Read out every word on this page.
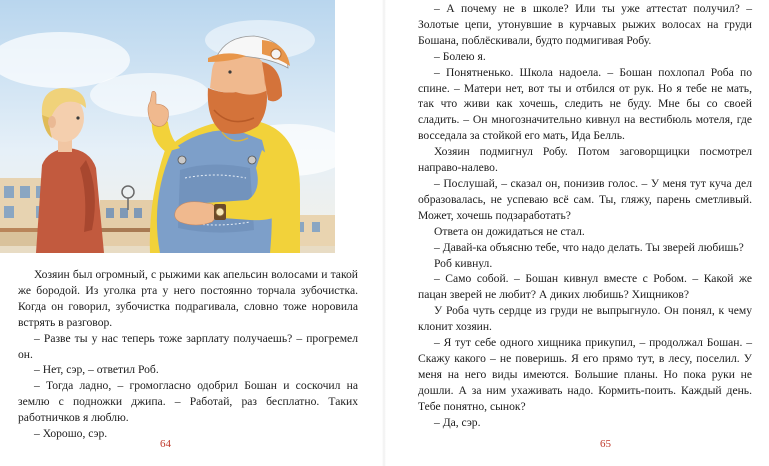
Хозяин был огромный, с рыжими как апельсин волосами и такой же бородой. Из уголка рта у него постоянно торчала зубочистка. Когда он говорил, зубочистка подрагивала, словно тоже норовила встрять в разговор.

– Разве ты у нас теперь тоже зарплату получаешь? – прогремел он.

– Нет, сэр, – ответил Роб.

– Тогда ладно, – громогласно одобрил Бошан и соскочил на землю с подножки джипа. – Работай, раз бесплатно. Таких работничков я люблю.

– Хорошо, сэр.

64

– А почему не в школе? Или ты уже аттестат получил? – Золотые цепи, утонувшие в курчавых рыжих волосах на груди Бошана, поблёскивали, будто подмигивая Робу.

– Болею я.

– Понятненько. Школа надоела. – Бошан похлопал Роба по спине. – Матери нет, вот ты и отбился от рук. Но я тебе не мать, так что живи как хочешь, следить не буду. Мне бы со своей сладить. – Он многозначительно кивнул на вестибюль мотеля, где восседала за стойкой его мать, Ида Белль.

Хозяин подмигнул Робу. Потом заговорщицки посмотрел направо-налево.

– Послушай, – сказал он, понизив голос. – У меня тут куча дел образовалась, не успеваю всё сам. Ты, гляжу, парень сметливый. Может, хочешь подзаработать?

Ответа он дожидаться не стал.

– Давай-ка объясню тебе, что надо делать. Ты зверей любишь?

Роб кивнул.

– Само собой. – Бошан кивнул вместе с Робом. – Какой же пацан зверей не любит? А диких любишь? Хищников?

У Роба чуть сердце из груди не выпрыгнуло. Он понял, к чему клонит хозяин.

– Я тут себе одного хищника прикупил, – продолжал Бошан. – Скажу какого – не поверишь. Я его прямо тут, в лесу, поселил. У меня на него виды имеются. Большие планы. Но пока руки не дошли. А за ним ухаживать надо. Кормить-поить. Каждый день. Тебе понятно, сынок?

– Да, сэр.

65
